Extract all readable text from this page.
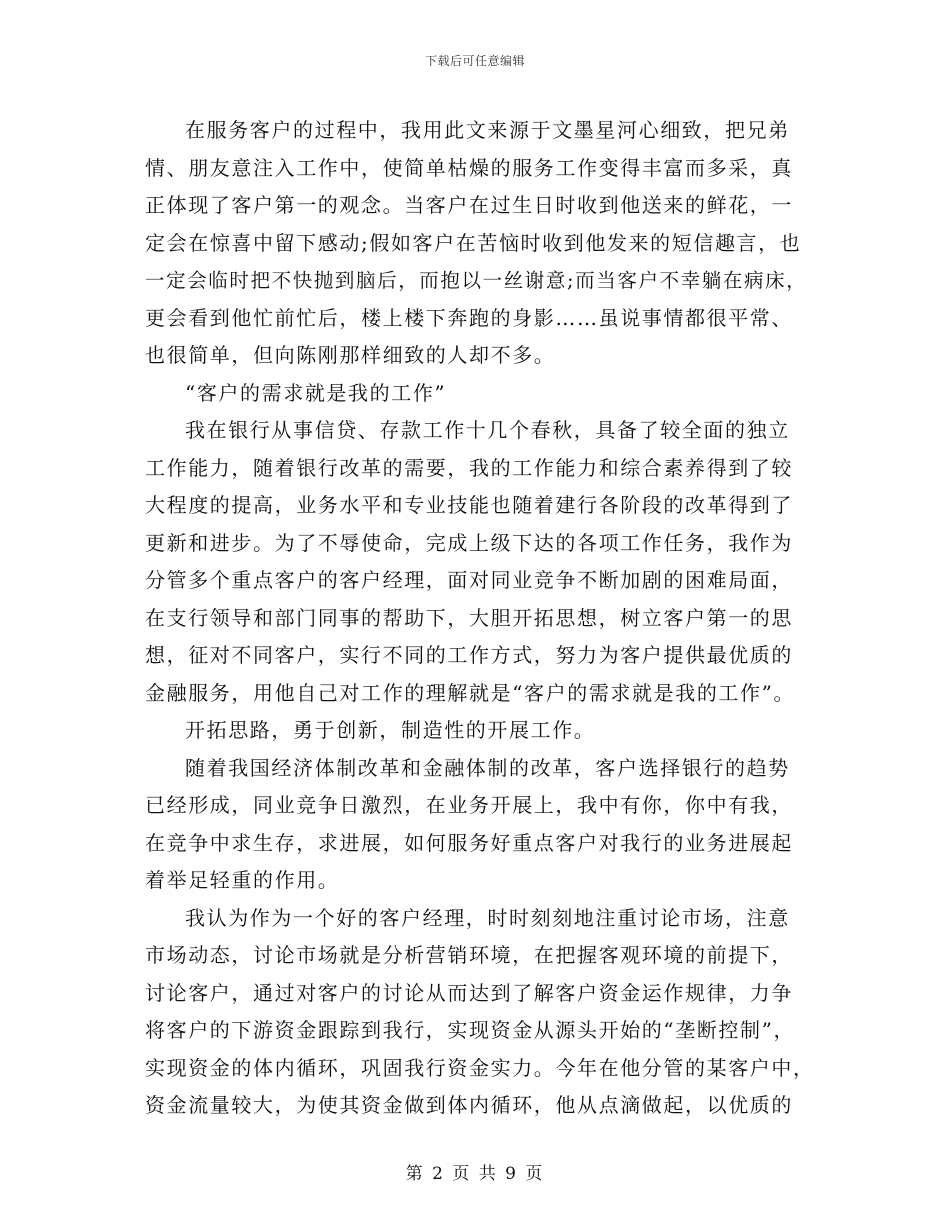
下载后可任意编辑
在服务客户的过程中，我用此文来源于文墨星河心细致，把兄弟
情、朋友意注入工作中，使简单枯燥的服务工作变得丰富而多采，真
正体现了客户第一的观念。当客户在过生日时收到他送来的鲜花，一
定会在惊喜中留下感动;假如客户在苦恼时收到他发来的短信趣言，也
一定会临时把不快抛到脑后，而抱以一丝谢意;而当客户不幸躺在病床，
更会看到他忙前忙后，楼上楼下奔跑的身影……虽说事情都很平常、
也很简单，但向陈刚那样细致的人却不多。
“客户的需求就是我的工作”
我在银行从事信贷、存款工作十几个春秋，具备了较全面的独立
工作能力，随着银行改革的需要，我的工作能力和综合素养得到了较
大程度的提高，业务水平和专业技能也随着建行各阶段的改革得到了
更新和进步。为了不辱使命，完成上级下达的各项工作任务，我作为
分管多个重点客户的客户经理，面对同业竞争不断加剧的困难局面，
在支行领导和部门同事的帮助下，大胆开拓思想，树立客户第一的思
想，征对不同客户，实行不同的工作方式，努力为客户提供最优质的
金融服务，用他自己对工作的理解就是“客户的需求就是我的工作”。
开拓思路，勇于创新，制造性的开展工作。
随着我国经济体制改革和金融体制的改革，客户选择银行的趋势
已经形成，同业竞争日激烈，在业务开展上，我中有你，你中有我，
在竞争中求生存，求进展，如何服务好重点客户对我行的业务进展起
着举足轻重的作用。
我认为作为一个好的客户经理，时时刻刻地注重讨论市场，注意
市场动态，讨论市场就是分析营销环境，在把握客观环境的前提下，
讨论客户，通过对客户的讨论从而达到了解客户资金运作规律，力争
将客户的下游资金跟踪到我行，实现资金从源头开始的“垄断控制”，
实现资金的体内循环，巩固我行资金实力。今年在他分管的某客户中，
资金流量较大，为使其资金做到体内循环，他从点滴做起，以优质的
第 2 页 共 9 页
